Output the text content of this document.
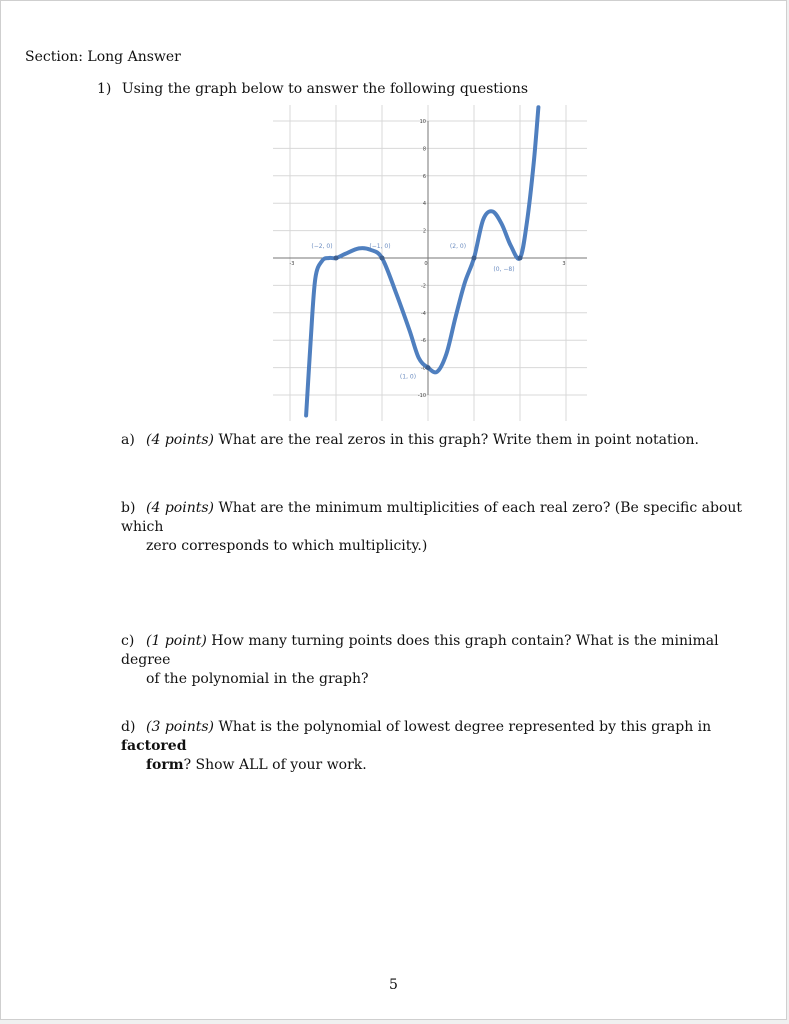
Section: Long Answer
1) Using the graph below to answer the following questions
10
8
6
4
2
-2
-4
-6
-8
-10
-3	0	3
(−2, 0)	(−1, 0)
(1, 0)
(2, 0)
(0, −8)
a) (4 points) What are the real zeros in this graph? Write them in point notation.
b) (4 points) What are the minimum multiplicities of each real zero? (Be specific about which
zero corresponds to which multiplicity.)
c) (1 point) How many turning points does this graph contain? What is the minimal degree
of the polynomial in the graph?
d) (3 points) What is the polynomial of lowest degree represented by this graph in factored
form? Show ALL of your work.
5
